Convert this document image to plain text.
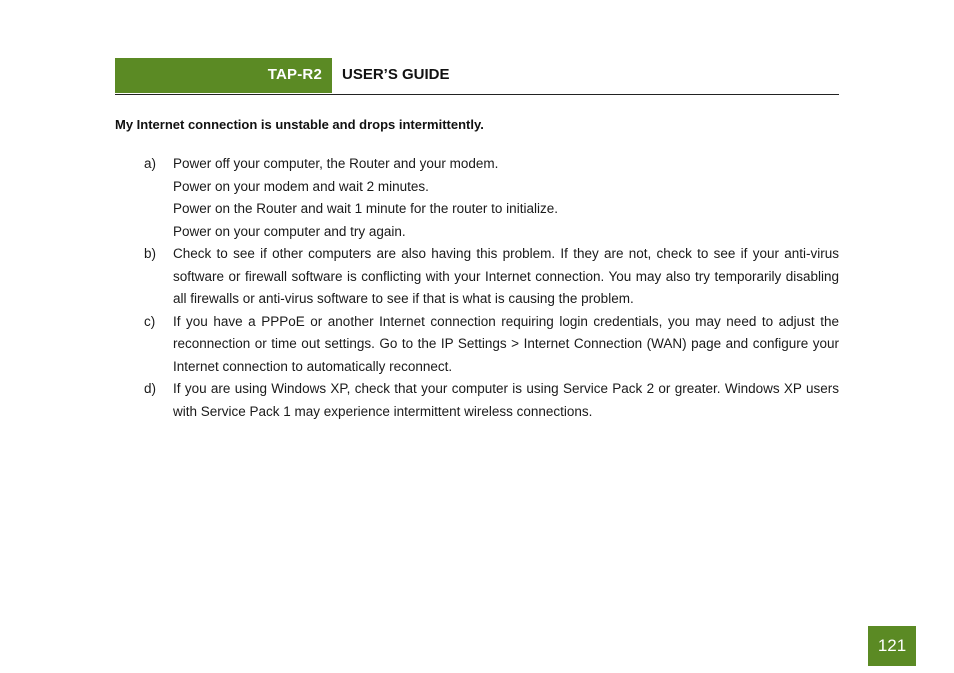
TAP-R2 USER’S GUIDE
My Internet connection is unstable and drops intermittently.
a) Power off your computer, the Router and your modem.
Power on your modem and wait 2 minutes.
Power on the Router and wait 1 minute for the router to initialize.
Power on your computer and try again.
b) Check to see if other computers are also having this problem. If they are not, check to see if your anti-virus software or firewall software is conflicting with your Internet connection. You may also try temporarily disabling all firewalls or anti-virus software to see if that is what is causing the problem.
c) If you have a PPPoE or another Internet connection requiring login credentials, you may need to adjust the reconnection or time out settings. Go to the IP Settings > Internet Connection (WAN) page and configure your Internet connection to automatically reconnect.
d) If you are using Windows XP, check that your computer is using Service Pack 2 or greater. Windows XP users with Service Pack 1 may experience intermittent wireless connections.
121
